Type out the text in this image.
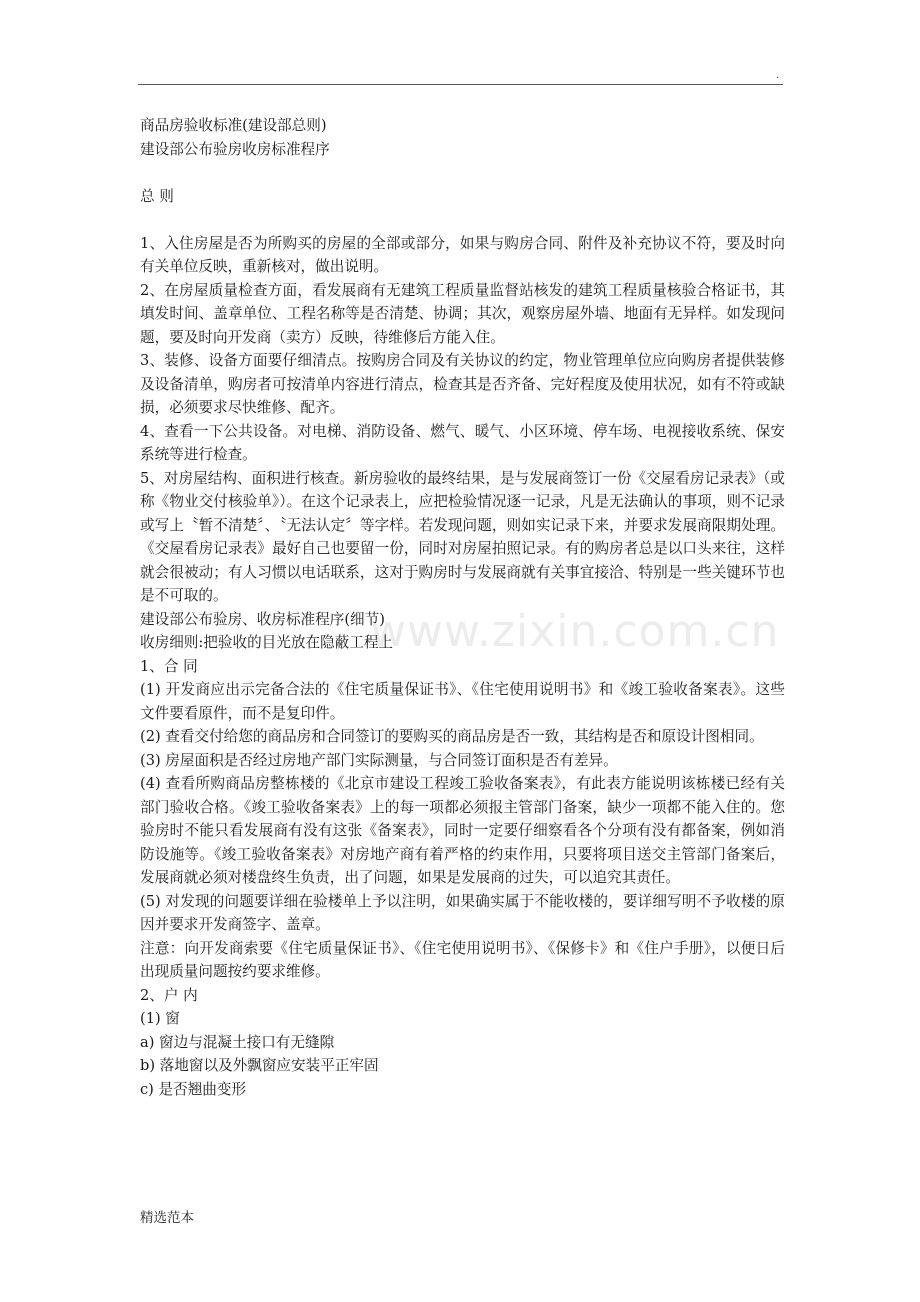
.
www.zixin.com.cn

商品房验收标准(建设部总则)

建设部公布验房收房标准程序

总 则

1、入住房屋是否为所购买的房屋的全部或部分，如果与购房合同、附件及补充协议不符，要及时向有关单位反映，重新核对，做出说明。

2、在房屋质量检查方面，看发展商有无建筑工程质量监督站核发的建筑工程质量核验合格证书，其填发时间、盖章单位、工程名称等是否清楚、协调；其次，观察房屋外墙、地面有无异样。如发现问题，要及时向开发商（卖方）反映，待维修后方能入住。

3、装修、设备方面要仔细清点。按购房合同及有关协议的约定，物业管理单位应向购房者提供装修及设备清单，购房者可按清单内容进行清点，检查其是否齐备、完好程度及使用状况，如有不符或缺损，必须要求尽快维修、配齐。

4、查看一下公共设备。对电梯、消防设备、燃气、暖气、小区环境、停车场、电视接收系统、保安系统等进行检查。

5、对房屋结构、面积进行核查。新房验收的最终结果，是与发展商签订一份《交屋看房记录表》（或称《物业交付核验单》）。在这个记录表上，应把检验情况逐一记录，凡是无法确认的事项，则不记录或写上〝暂不清楚〞、〝无法认定〞等字样。若发现问题，则如实记录下来，并要求发展商限期处理。《交屋看房记录表》最好自己也要留一份，同时对房屋拍照记录。有的购房者总是以口头来往，这样就会很被动；有人习惯以电话联系，这对于购房时与发展商就有关事宜接洽、特别是一些关键环节也是不可取的。

建设部公布验房、收房标准程序(细节)

收房细则:把验收的目光放在隐蔽工程上

1、合 同

(1) 开发商应出示完备合法的《住宅质量保证书》、《住宅使用说明书》和《竣工验收备案表》。这些文件要看原件，而不是复印件。

(2) 查看交付给您的商品房和合同签订的要购买的商品房是否一致，其结构是否和原设计图相同。

(3) 房屋面积是否经过房地产部门实际测量，与合同签订面积是否有差异。

(4) 查看所购商品房整栋楼的《北京市建设工程竣工验收备案表》，有此表方能说明该栋楼已经有关部门验收合格。《竣工验收备案表》上的每一项都必须报主管部门备案，缺少一项都不能入住的。您验房时不能只看发展商有没有这张《备案表》，同时一定要仔细察看各个分项有没有都备案，例如消防设施等。《竣工验收备案表》对房地产商有着严格的约束作用，只要将项目送交主管部门备案后，发展商就必须对楼盘终生负责，出了问题，如果是发展商的过失，可以追究其责任。

(5) 对发现的问题要详细在验楼单上予以注明，如果确实属于不能收楼的，要详细写明不予收楼的原因并要求开发商签字、盖章。

注意：向开发商索要《住宅质量保证书》、《住宅使用说明书》、《保修卡》和《住户手册》，以便日后出现质量问题按约要求维修。

2、户 内

(1) 窗

a) 窗边与混凝土接口有无缝隙

b) 落地窗以及外飘窗应安装平正牢固

c) 是否翘曲变形

精选范本
